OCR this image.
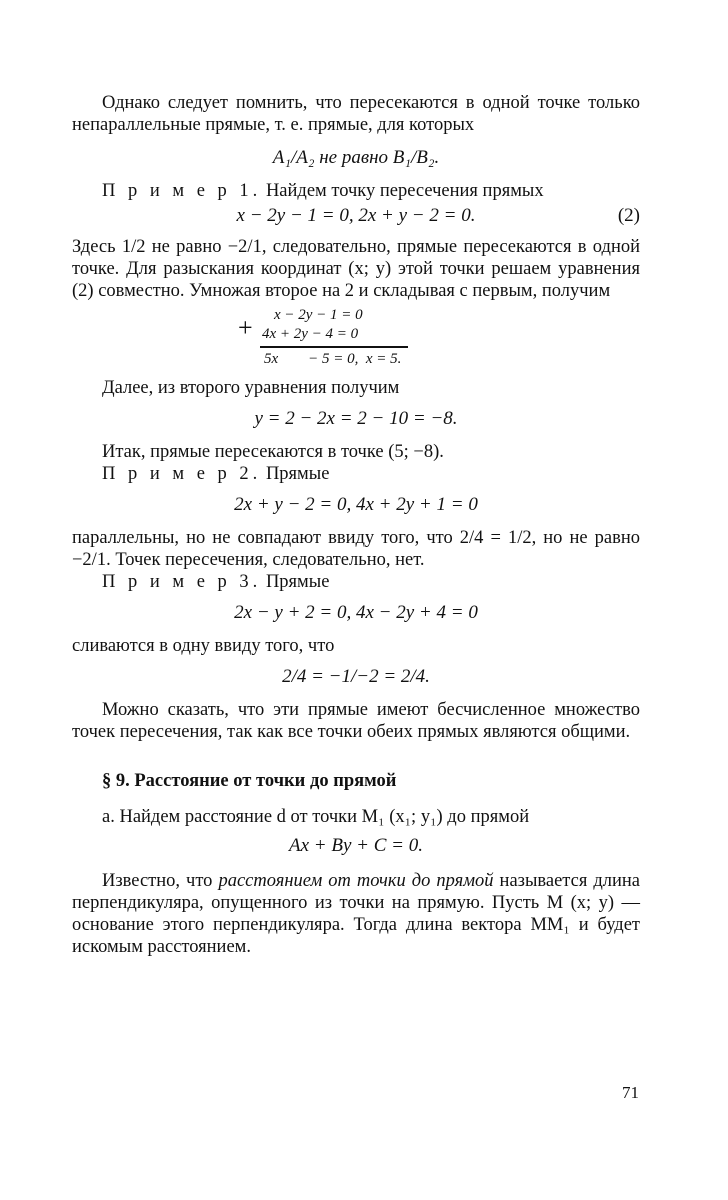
Однако следует помнить, что пересекаются в одной точке только непараллельные прямые, т. е. прямые, для которых

A₁/A₂ не равно B₁/B₂.

П р и м е р 1. Найдем точку пересечения прямых

x − 2y − 1 = 0, 2x + y − 2 = 0.	(2)

Здесь 1/2 не равно −2/1, следовательно, прямые пересекаются в одной точке. Для разыскания координат (x; y) этой точки решаем уравнения (2) совместно. Умножая второе на 2 и складывая с первым, получим

+	x − 2y − 1 = 0
4x + 2y − 4 = 0
5x        − 5 = 0,  x = 5.

Далее, из второго уравнения получим

y = 2 − 2x = 2 − 10 = −8.

Итак, прямые пересекаются в точке (5; −8).

П р и м е р 2. Прямые

2x + y − 2 = 0, 4x + 2y + 1 = 0

параллельны, но не совпадают ввиду того, что 2/4 = 1/2, но не равно −2/1. Точек пересечения, следовательно, нет.

П р и м е р 3. Прямые

2x − y + 2 = 0, 4x − 2y + 4 = 0

сливаются в одну ввиду того, что

2/4 = −1/−2 = 2/4.

Можно сказать, что эти прямые имеют бесчисленное множество точек пересечения, так как все точки обеих прямых являются общими.

§ 9. Расстояние от точки до прямой

а. Найдем расстояние d от точки M₁ (x₁; y₁) до прямой

Ax + By + C = 0.

Известно, что расстоянием от точки до прямой называется длина перпендикуляра, опущенного из точки на прямую. Пусть M (x; y) — основание этого перпендикуляра. Тогда длина вектора MM₁ и будет искомым расстоянием.

71
